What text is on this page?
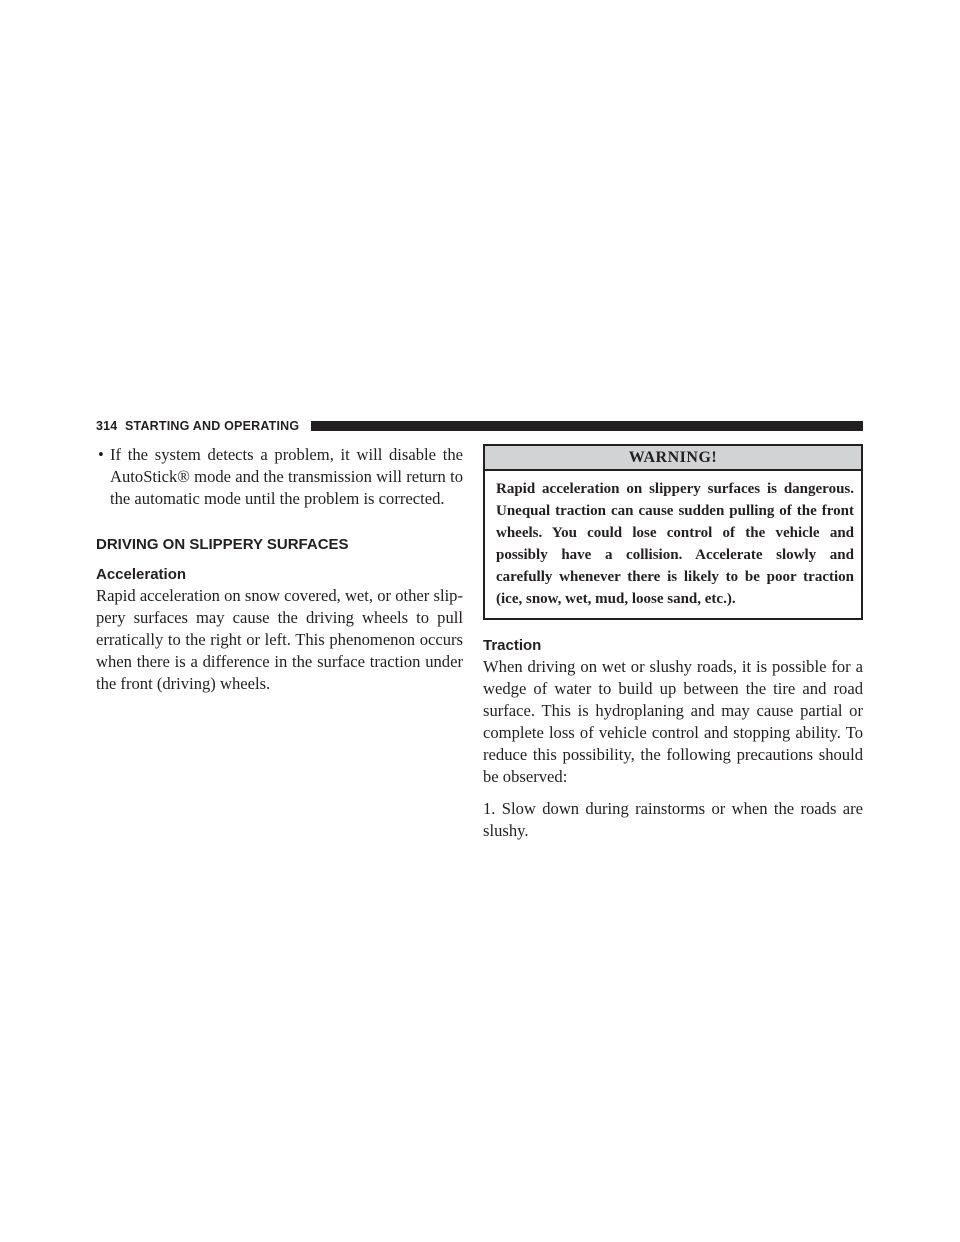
314 STARTING AND OPERATING
• If the system detects a problem, it will disable the AutoStick® mode and the transmission will return to the automatic mode until the problem is corrected.
DRIVING ON SLIPPERY SURFACES
Acceleration

Rapid acceleration on snow covered, wet, or other slip-pery surfaces may cause the driving wheels to pull erratically to the right or left. This phenomenon occurs when there is a difference in the surface traction under the front (driving) wheels.

WARNING!
Rapid acceleration on slippery surfaces is dangerous. Unequal traction can cause sudden pulling of the front wheels. You could lose control of the vehicle and possibly have a collision. Accelerate slowly and carefully whenever there is likely to be poor traction (ice, snow, wet, mud, loose sand, etc.).
Traction

When driving on wet or slushy roads, it is possible for a wedge of water to build up between the tire and road surface. This is hydroplaning and may cause partial or complete loss of vehicle control and stopping ability. To reduce this possibility, the following precautions should be observed:

1. Slow down during rainstorms or when the roads are slushy.
